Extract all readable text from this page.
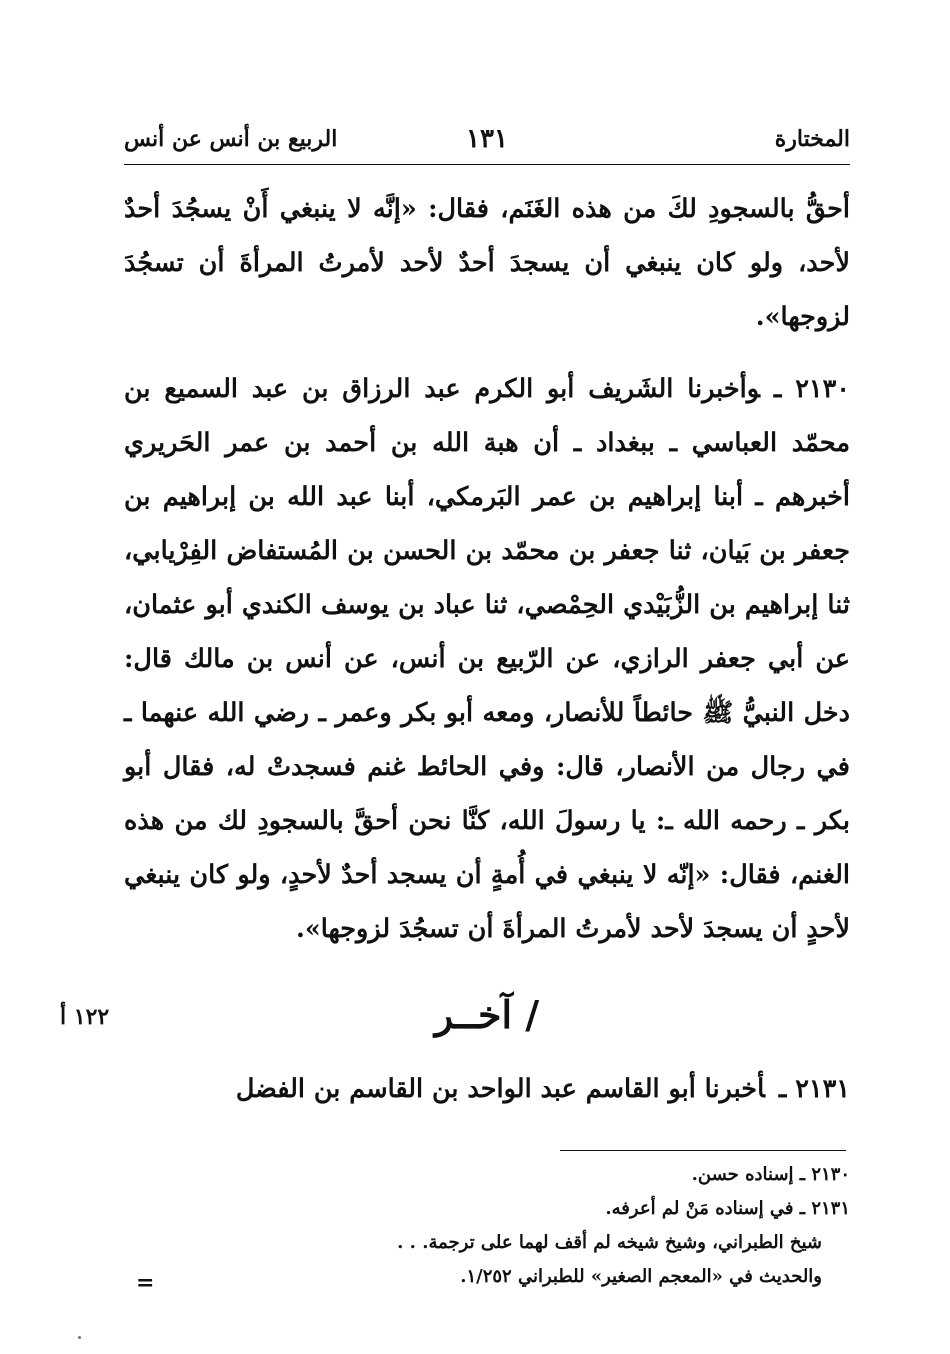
المختارة
١٣١
الربيع بن أنس عن أنس

أحقُّ بالسجودِ لكَ من هذه الغَنَم، فقال: «إنَّه لا ينبغي أَنْ يسجُدَ أحدٌ لأحد، ولو كان ينبغي أن يسجدَ أحدٌ لأحد لأمرتُ المرأةَ أن تسجُدَ لزوجها».

٢١٣٠ ـوأخبرنا الشَريف أبو الكرم عبد الرزاق بن عبد السميع بن محمّد العباسي ـ ببغداد ـ أن هبة الله بن أحمد بن عمر الحَريري أخبرهم ـ أبنا إبراهيم بن عمر البَرمكي، أبنا عبد الله بن إبراهيم بن جعفر بن بَيان، ثنا جعفر بن محمّد بن الحسن بن المُستفاض الفِرْيابي، ثنا إبراهيم بن الزُّبَيْدي الحِمْصي، ثنا عباد بن يوسف الكندي أبو عثمان، عن أبي جعفر الرازي، عن الرّبيع بن أنس، عن أنس بن مالك قال: دخل النبيُّ ﷺ حائطاً للأنصار، ومعه أبو بكر وعمر ـ رضي الله عنهما ـ في رجال من الأنصار، قال: وفي الحائط غنم فسجدتْ له، فقال أبو بكر ـ رحمه الله ـ: يا رسولَ الله، كنَّا نحن أحقَّ بالسجودِ لك من هذه الغنم، فقال: «إنّه لا ينبغي في أُمةٍ أن يسجد أحدٌ لأحدٍ، ولو كان ينبغي لأحدٍ أن يسجدَ لأحد لأمرتُ المرأةَ أن تسجُدَ لزوجها».

١٢٢ أ	/ آخــر

٢١٣١ ـأخبرنا أبو القاسم عبد الواحد بن القاسم بن الفضل

٢١٣٠ ـ إسناده حسن.

٢١٣١ ـ في إسناده مَنْ لم أعرفه.

شيخ الطبراني، وشيخ شيخه لم أقف لهما على ترجمة. . .

والحديث في «المعجم الصغير» للطبراني ١/٢٥٢.

=
